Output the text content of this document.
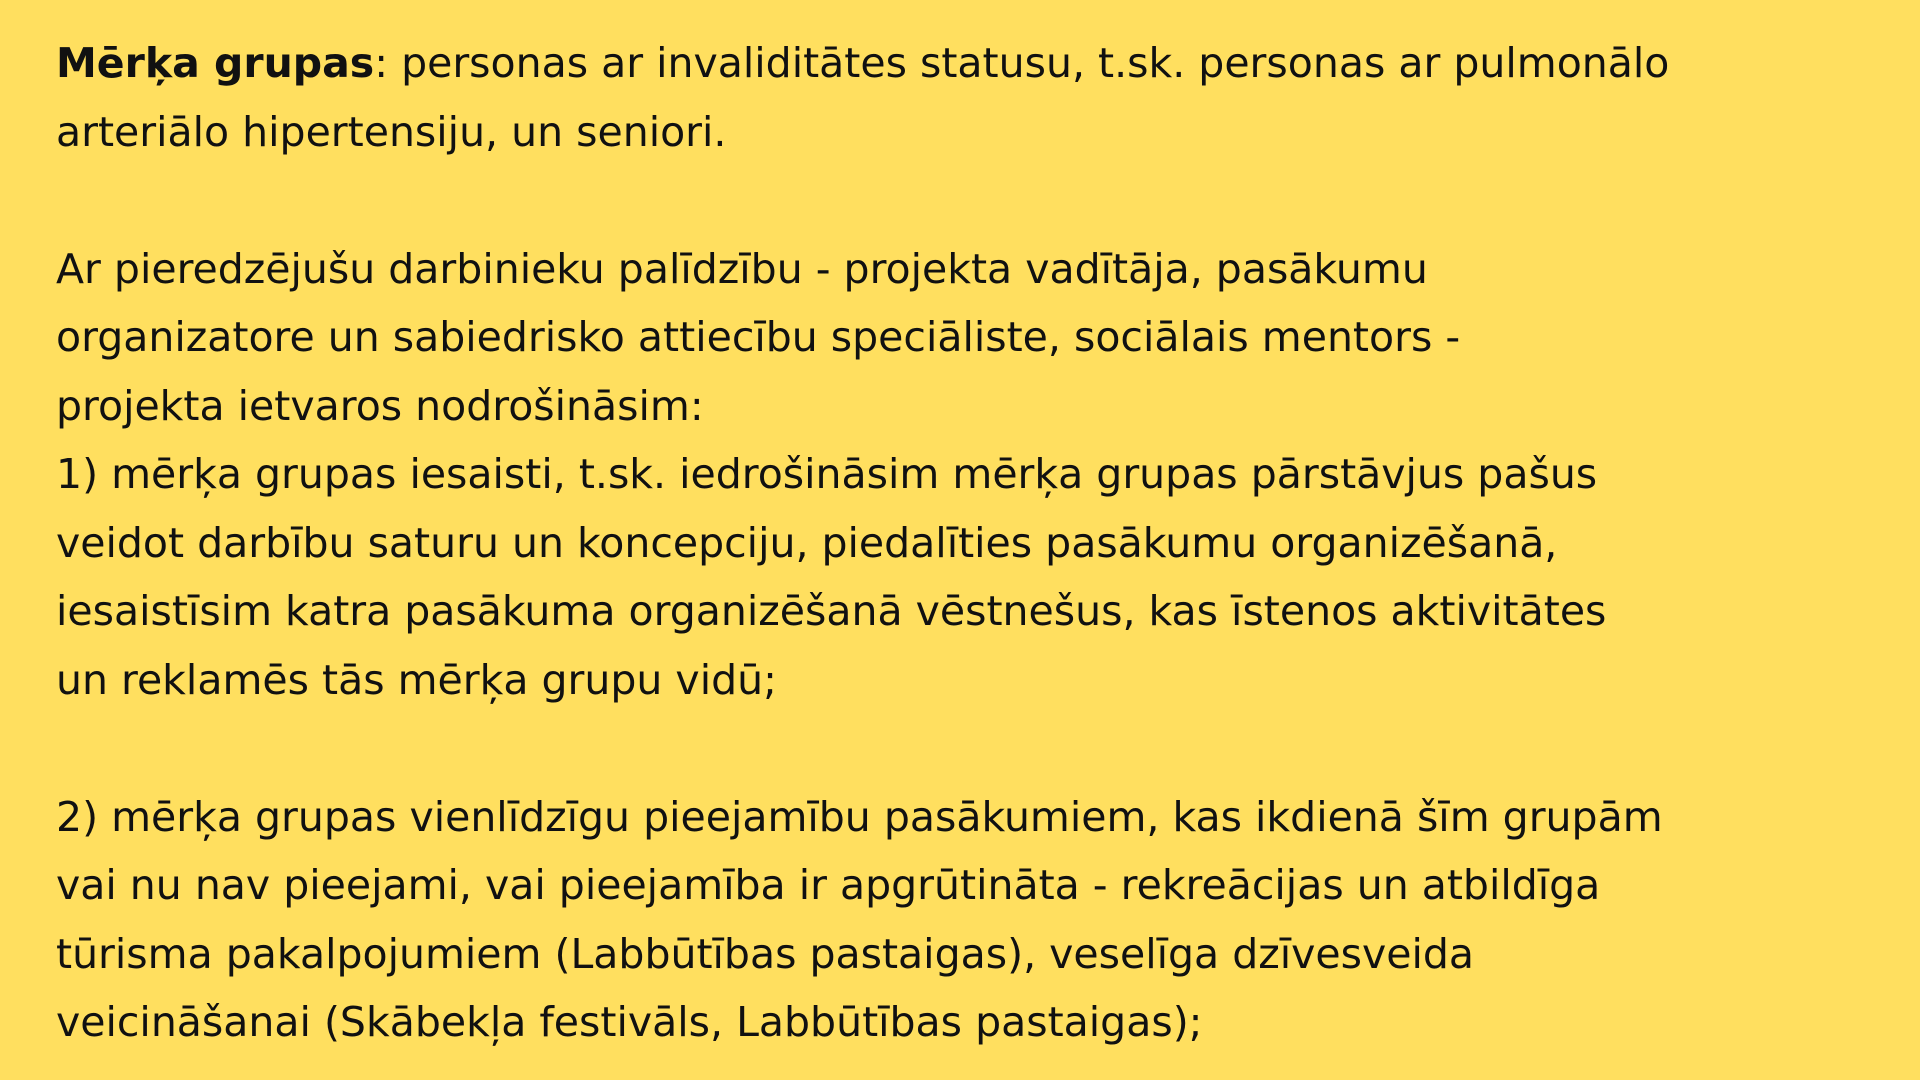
Mērķa grupas: personas ar invaliditātes statusu, t.sk. personas ar pulmonālo
arteriālo hipertensiju, un seniori.
Ar pieredzējušu darbinieku palīdzību - projekta vadītāja, pasākumu
organizatore un sabiedrisko attiecību speciāliste, sociālais mentors -
projekta ietvaros nodrošināsim:
1) mērķa grupas iesaisti, t.sk. iedrošināsim mērķa grupas pārstāvjus pašus
veidot darbību saturu un koncepciju, piedalīties pasākumu organizēšanā,
iesaistīsim katra pasākuma organizēšanā vēstnešus, kas īstenos aktivitātes
un reklamēs tās mērķa grupu vidū;
2) mērķa grupas vienlīdzīgu pieejamību pasākumiem, kas ikdienā šīm grupām
vai nu nav pieejami, vai pieejamība ir apgrūtināta - rekreācijas un atbildīga
tūrisma pakalpojumiem (Labbūtības pastaigas), veselīga dzīvesveida
veicināšanai (Skābekļa festivāls, Labbūtības pastaigas);
